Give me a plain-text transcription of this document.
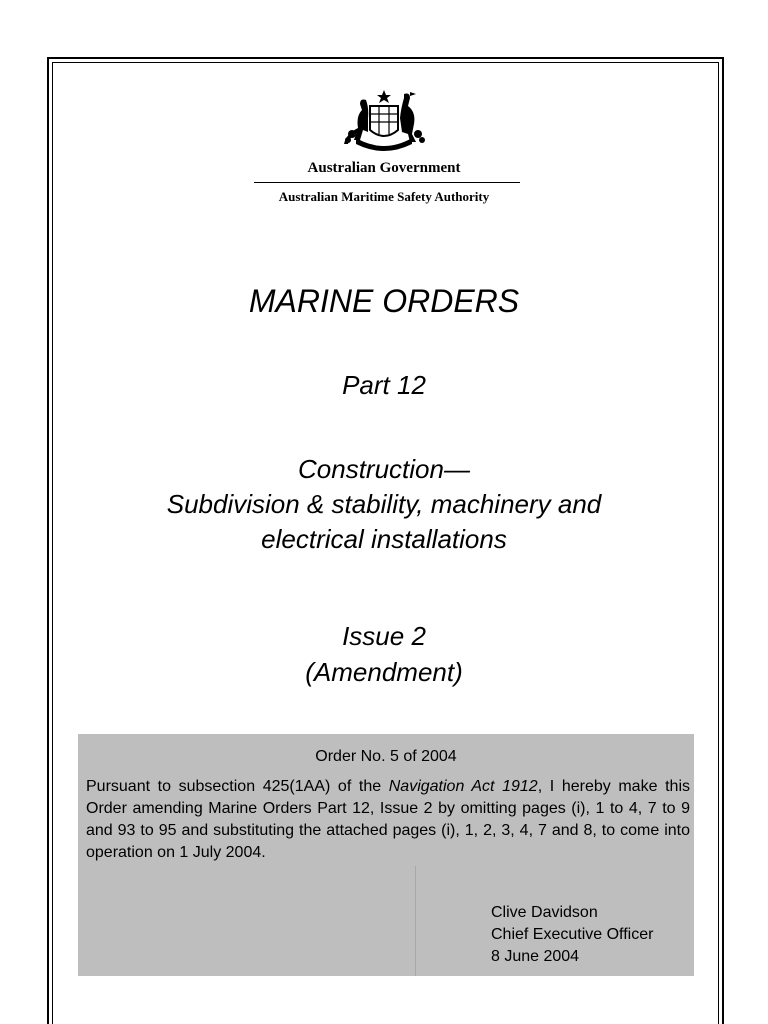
Australian Government
Australian Maritime Safety Authority
MARINE ORDERS
Part 12
Construction—
Subdivision & stability, machinery and
electrical installations
Issue 2
(Amendment)
Order No. 5 of 2004
Pursuant to subsection 425(1AA) of the Navigation Act 1912, I hereby make this Order amending Marine Orders Part 12, Issue 2 by omitting pages (i), 1 to 4, 7 to 9 and 93 to 95 and substituting the attached pages (i), 1, 2, 3, 4, 7 and 8, to come into operation on 1 July 2004.
Clive Davidson
Chief Executive Officer
8 June 2004
